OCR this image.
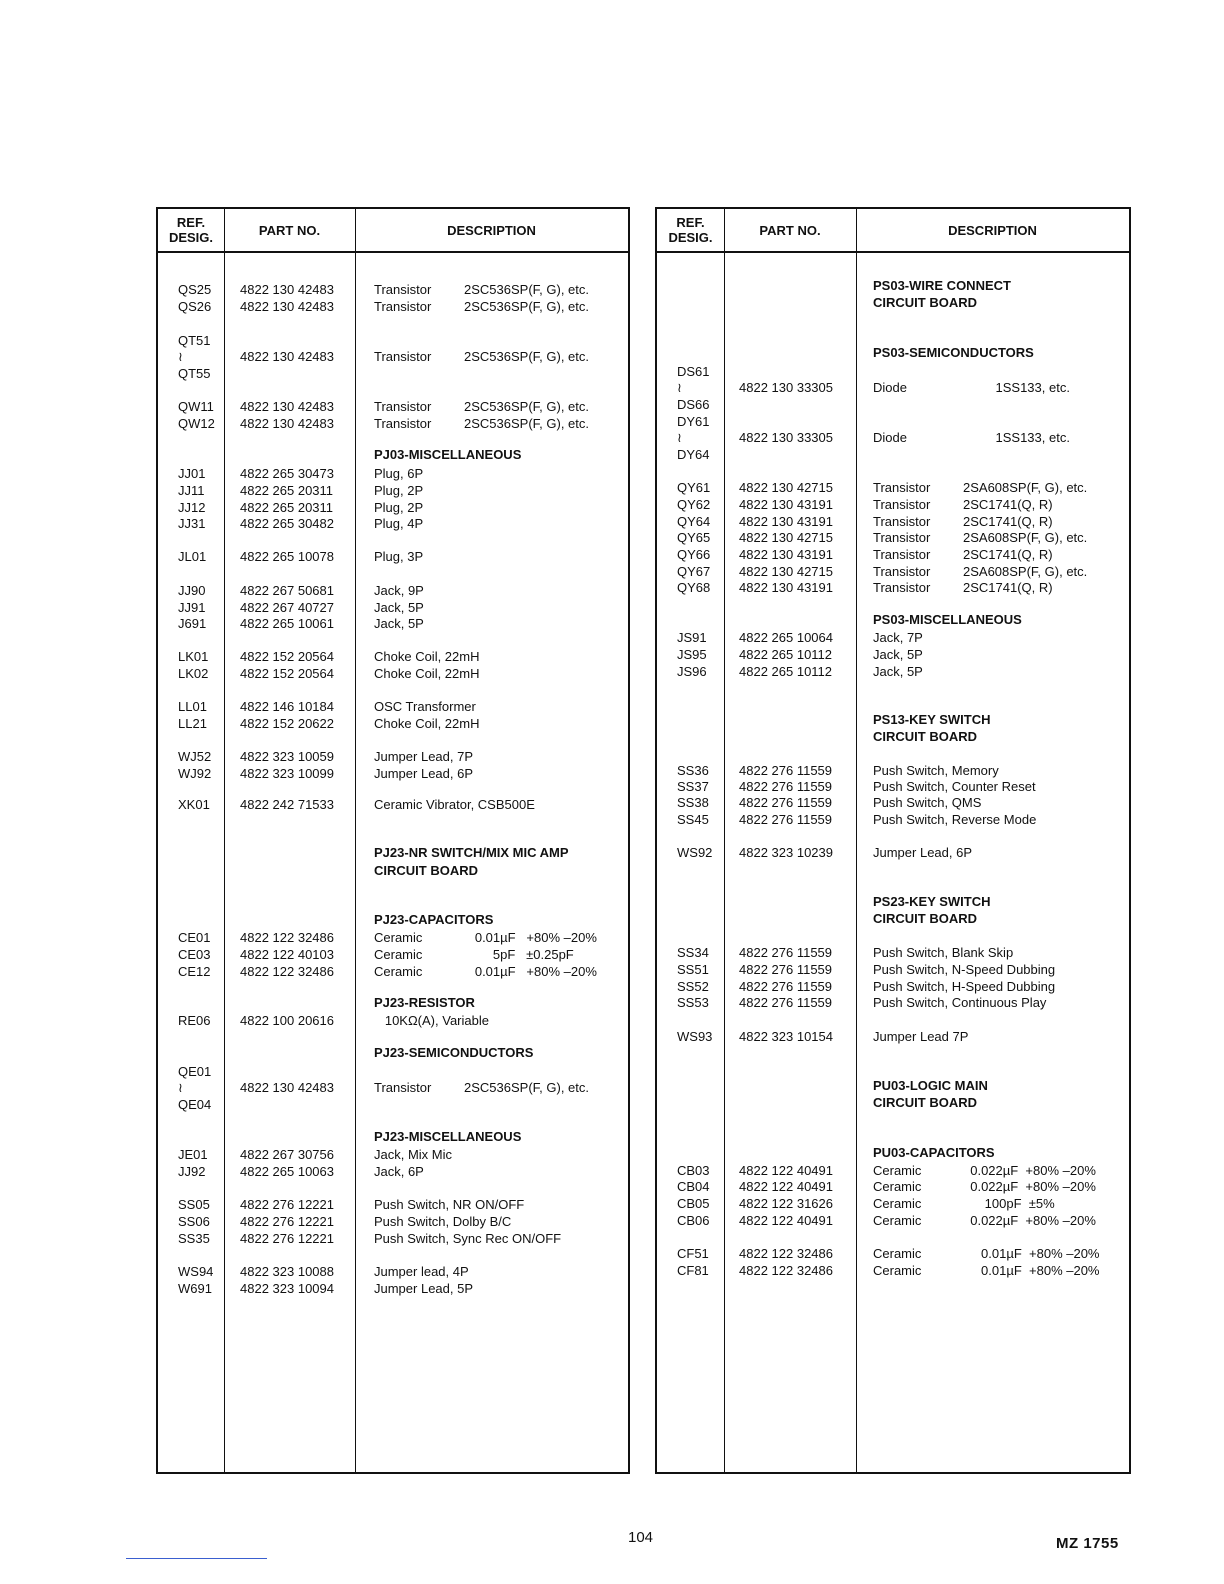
REF. DESIG.	PART NO.	DESCRIPTION
QS25 4822 130 42483	Transistor	2SC536SP(F, G), etc.
QS26 4822 130 42483	Transistor	2SC536SP(F, G), etc.
QT51
≀	4822 130 42483	Transistor	2SC536SP(F, G), etc.
QT55
QW11 4822 130 42483	Transistor	2SC536SP(F, G), etc.
QW12 4822 130 42483	Transistor	2SC536SP(F, G), etc.
PJ03-MISCELLANEOUS
JJ01	4822 265 30473	Plug, 6P
JJ11	4822 265 20311	Plug, 2P
JJ12	4822 265 20311	Plug, 2P
JJ31	4822 265 30482	Plug, 4P
JL01	4822 265 10078	Plug, 3P
JJ90	4822 267 50681	Jack, 9P
JJ91	4822 267 40727	Jack, 5P
J691	4822 265 10061	Jack, 5P
LK01 4822 152 20564	Choke Coil, 22mH
LK02 4822 152 20564	Choke Coil, 22mH
LL01	4822 146 10184	OSC Transformer
LL21	4822 152 20622	Choke Coil, 22mH
WJ52 4822 323 10059	Jumper Lead, 7P
WJ92 4822 323 10099	Jumper Lead, 6P
XK01 4822 242 71533	Ceramic Vibrator, CSB500E
PJ23-NR SWITCH/MIX MIC AMP
CIRCUIT BOARD
PJ23-CAPACITORS
CE01 4822 122 32486	Ceramic	0.01µF   +80% –20%
CE03 4822 122 40103	Ceramic	5pF   ±0.25pF
CE12 4822 122 32486	Ceramic	0.01µF   +80% –20%
PJ23-RESISTOR
RE06 4822 100 20616	10KΩ(A), Variable
PJ23-SEMICONDUCTORS
QE01
≀	4822 130 42483	Transistor	2SC536SP(F, G), etc.
QE04
PJ23-MISCELLANEOUS
JE01 4822 267 30756	Jack, Mix Mic
JJ92	4822 265 10063	Jack, 6P
SS05 4822 276 12221	Push Switch, NR ON/OFF
SS06 4822 276 12221	Push Switch, Dolby B/C
SS35 4822 276 12221	Push Switch, Sync Rec ON/OFF
WS94 4822 323 10088	Jumper lead, 4P
W691 4822 323 10094	Jumper Lead, 5P
REF. DESIG.	PART NO.	DESCRIPTION
PS03-WIRE CONNECT
CIRCUIT BOARD
PS03-SEMICONDUCTORS
DS61
≀	4822 130 33305	Diode	1SS133, etc.
DS66
DY61
≀	4822 130 33305	Diode	1SS133, etc.
DY64
QY61 4822 130 42715	Transistor	2SA608SP(F, G), etc.
QY62 4822 130 43191	Transistor	2SC1741(Q, R)
QY64 4822 130 43191	Transistor	2SC1741(Q, R)
QY65 4822 130 42715	Transistor	2SA608SP(F, G), etc.
QY66 4822 130 43191	Transistor	2SC1741(Q, R)
QY67 4822 130 42715	Transistor	2SA608SP(F, G), etc.
QY68 4822 130 43191	Transistor	2SC1741(Q, R)
PS03-MISCELLANEOUS
JS91 4822 265 10064	Jack, 7P
JS95 4822 265 10112	Jack, 5P
JS96 4822 265 10112	Jack, 5P
PS13-KEY SWITCH
CIRCUIT BOARD
SS36 4822 276 11559	Push Switch, Memory
SS37 4822 276 11559	Push Switch, Counter Reset
SS38 4822 276 11559	Push Switch, QMS
SS45 4822 276 11559	Push Switch, Reverse Mode
WS92 4822 323 10239	Jumper Lead, 6P
PS23-KEY SWITCH
CIRCUIT BOARD
SS34 4822 276 11559	Push Switch, Blank Skip
SS51 4822 276 11559	Push Switch, N-Speed Dubbing
SS52 4822 276 11559	Push Switch, H-Speed Dubbing
SS53 4822 276 11559	Push Switch, Continuous Play
WS93 4822 323 10154	Jumper Lead 7P
PU03-LOGIC MAIN
CIRCUIT BOARD
PU03-CAPACITORS
CB03 4822 122 40491	Ceramic	0.022µF  +80% –20%
CB04 4822 122 40491	Ceramic	0.022µF  +80% –20%
CB05 4822 122 31626	Ceramic	100pF  ±5%
CB06 4822 122 40491	Ceramic	0.022µF  +80% –20%
CF51 4822 122 32486	Ceramic	0.01µF  +80% –20%
CF81 4822 122 32486	Ceramic	0.01µF  +80% –20%
104	MZ 1755
